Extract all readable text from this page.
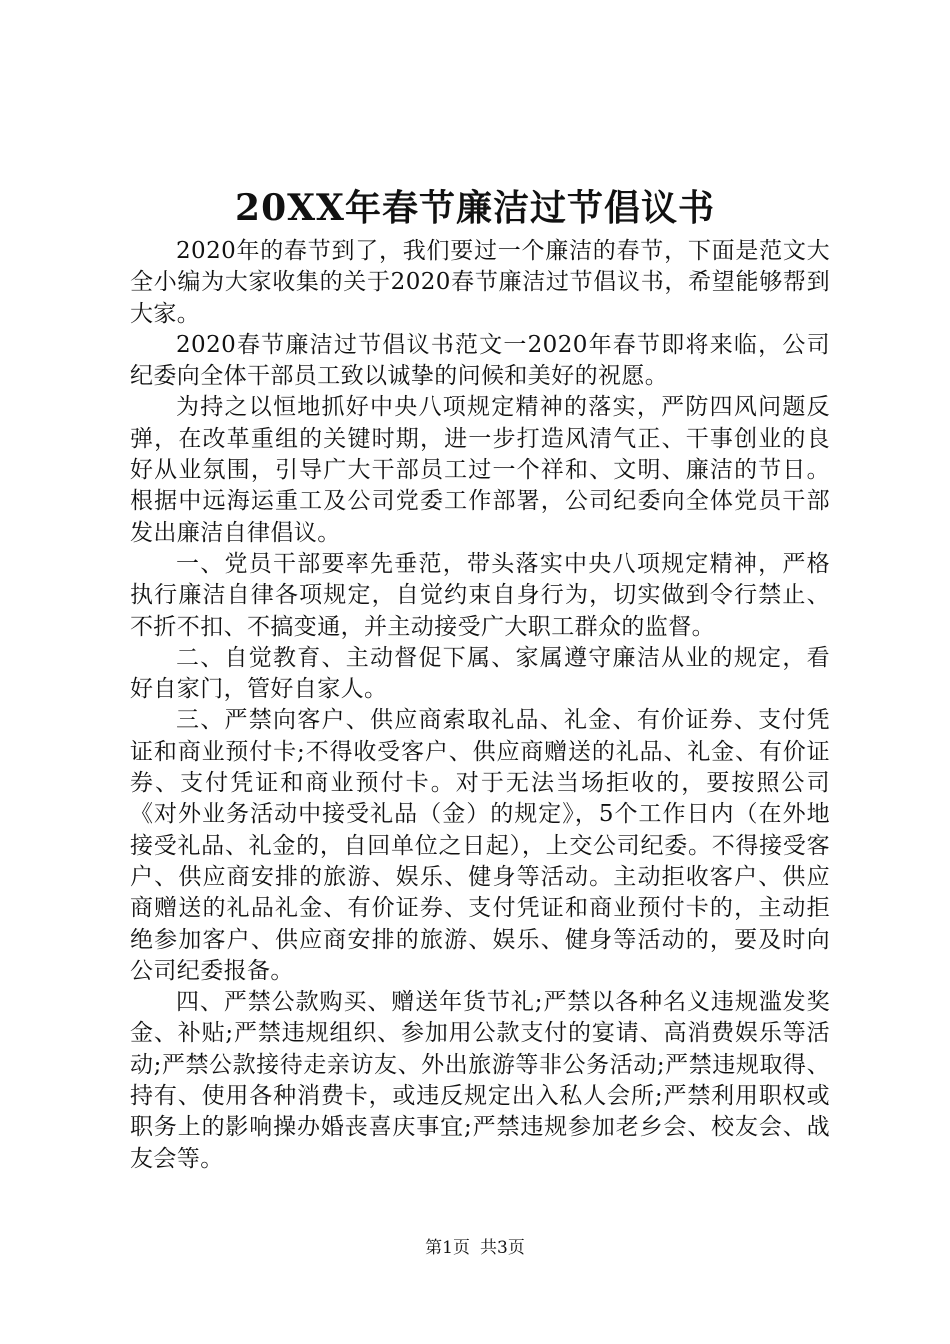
20XX年春节廉洁过节倡议书

2020年的春节到了，我们要过一个廉洁的春节，下面是范文大全小编为大家收集的关于2020春节廉洁过节倡议书，希望能够帮到大家。

2020春节廉洁过节倡议书范文一2020年春节即将来临，公司纪委向全体干部员工致以诚挚的问候和美好的祝愿。

为持之以恒地抓好中央八项规定精神的落实，严防四风问题反弹，在改革重组的关键时期，进一步打造风清气正、干事创业的良好从业氛围，引导广大干部员工过一个祥和、文明、廉洁的节日。根据中远海运重工及公司党委工作部署，公司纪委向全体党员干部发出廉洁自律倡议。

一、党员干部要率先垂范，带头落实中央八项规定精神，严格执行廉洁自律各项规定，自觉约束自身行为，切实做到令行禁止、不折不扣、不搞变通，并主动接受广大职工群众的监督。

二、自觉教育、主动督促下属、家属遵守廉洁从业的规定，看好自家门，管好自家人。

三、严禁向客户、供应商索取礼品、礼金、有价证券、支付凭证和商业预付卡;不得收受客户、供应商赠送的礼品、礼金、有价证券、支付凭证和商业预付卡。对于无法当场拒收的，要按照公司《对外业务活动中接受礼品（金）的规定》，5个工作日内（在外地接受礼品、礼金的，自回单位之日起），上交公司纪委。不得接受客户、供应商安排的旅游、娱乐、健身等活动。主动拒收客户、供应商赠送的礼品礼金、有价证券、支付凭证和商业预付卡的，主动拒绝参加客户、供应商安排的旅游、娱乐、健身等活动的，要及时向公司纪委报备。

四、严禁公款购买、赠送年货节礼;严禁以各种名义违规滥发奖金、补贴;严禁违规组织、参加用公款支付的宴请、高消费娱乐等活动;严禁公款接待走亲访友、外出旅游等非公务活动;严禁违规取得、持有、使用各种消费卡，或违反规定出入私人会所;严禁利用职权或职务上的影响操办婚丧喜庆事宜;严禁违规参加老乡会、校友会、战友会等。

第1页 共3页
